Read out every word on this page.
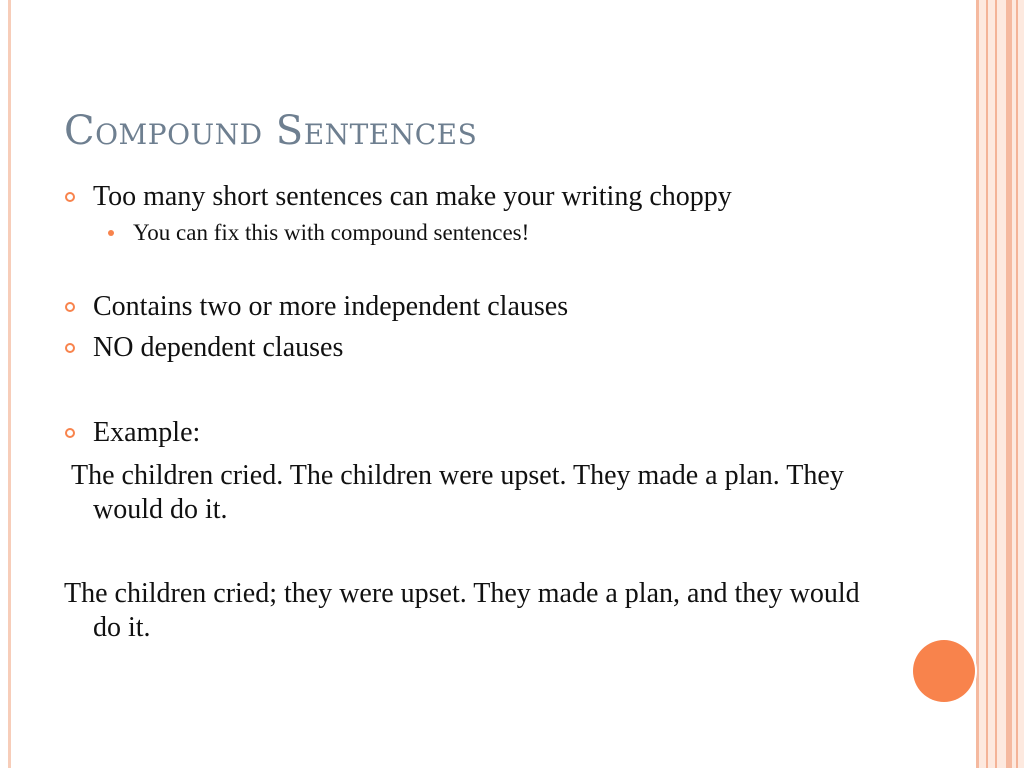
Compound Sentences
Too many short sentences can make your writing choppy
You can fix this with compound sentences!
Contains two or more independent clauses
NO dependent clauses
Example:
The children cried. The children were upset. They made a plan. They would do it.
The children cried; they were upset. They made a plan, and they would do it.
